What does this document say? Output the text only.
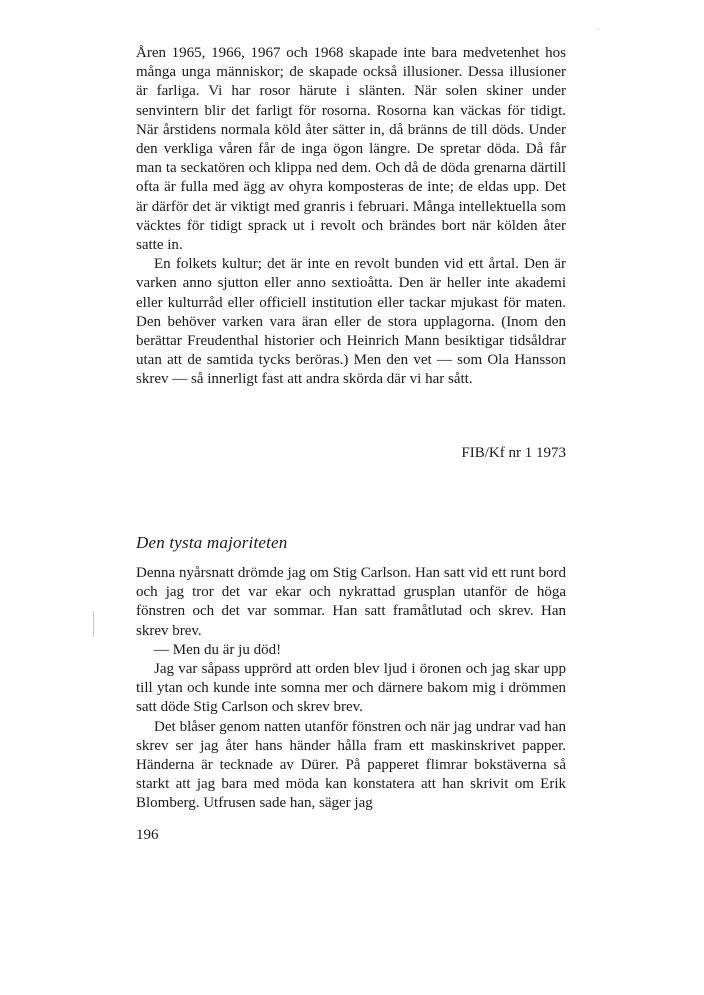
Åren 1965, 1966, 1967 och 1968 skapade inte bara medvetenhet hos många unga människor; de skapade också illusioner. Dessa illusioner är farliga. Vi har rosor härute i slänten. När solen skiner under senvintern blir det farligt för rosorna. Rosorna kan väckas för tidigt. När årstidens normala köld åter sätter in, då bränns de till döds. Under den verkliga våren får de inga ögon längre. De spretar döda. Då får man ta seckatören och klippa ned dem. Och då de döda grenarna därtill ofta är fulla med ägg av ohyra komposteras de inte; de eldas upp. Det är därför det är viktigt med granris i februari. Många intellektuella som väcktes för tidigt sprack ut i revolt och brändes bort när kölden åter satte in.

En folkets kultur; det är inte en revolt bunden vid ett årtal. Den är varken anno sjutton eller anno sextioåtta. Den är heller inte akademi eller kulturråd eller officiell institution eller tackar mjukast för maten. Den behöver varken vara äran eller de stora upplagorna. (Inom den berättar Freudenthal historier och Heinrich Mann besiktigar tidsåldrar utan att de samtida tycks beröras.) Men den vet — som Ola Hansson skrev — så innerligt fast att andra skörda där vi har sått.

FIB/Kf nr 1 1973
Den tysta majoriteten

Denna nyårsnatt drömde jag om Stig Carlson. Han satt vid ett runt bord och jag tror det var ekar och nykrattad grusplan utanför de höga fönstren och det var sommar. Han satt framåtlutad och skrev. Han skrev brev.

— Men du är ju död!

Jag var såpass upprörd att orden blev ljud i öronen och jag skar upp till ytan och kunde inte somna mer och därnere bakom mig i drömmen satt döde Stig Carlson och skrev brev.

Det blåser genom natten utanför fönstren och när jag undrar vad han skrev ser jag åter hans händer hålla fram ett maskinskrivet papper. Händerna är tecknade av Dürer. På papperet flimrar bokstäverna så starkt att jag bara med möda kan konstatera att han skrivit om Erik Blomberg. Utfrusen sade han, säger jag

196
